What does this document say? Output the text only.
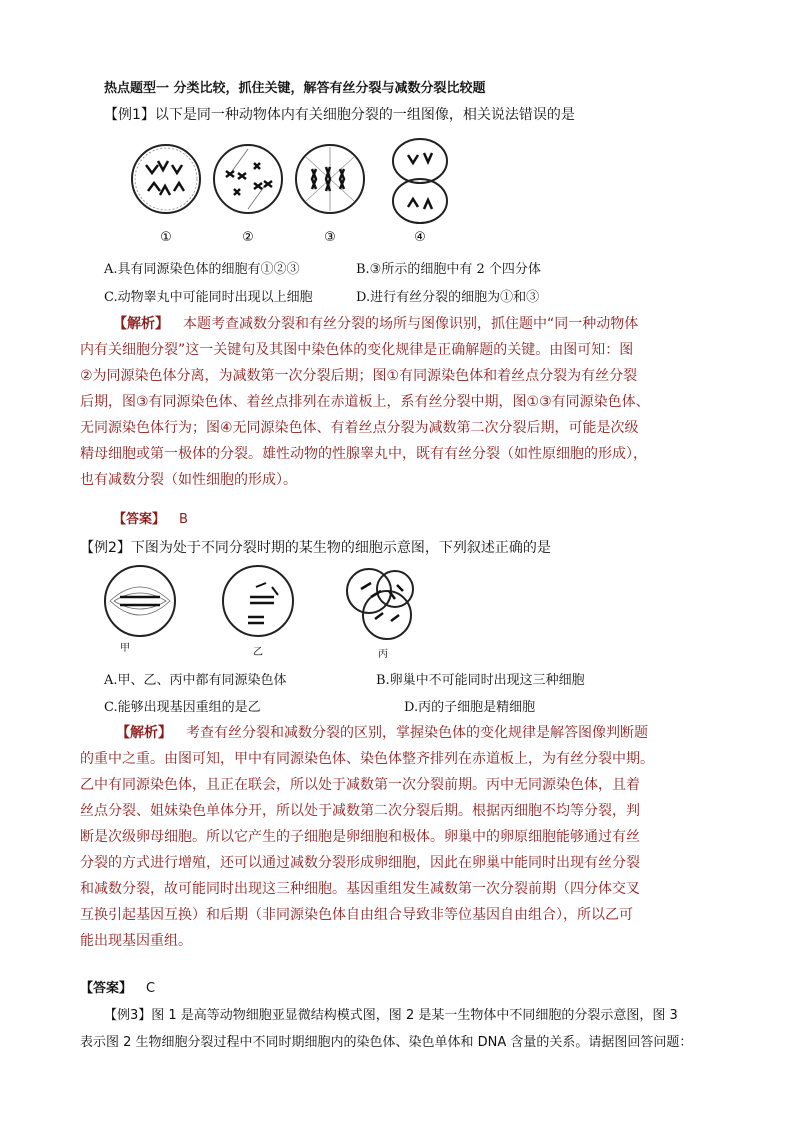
热点题型一 分类比较，抓住关键，解答有丝分裂与减数分裂比较题
【例1】以下是同一种动物体内有关细胞分裂的一组图像，相关说法错误的是
①	②	③	④
A.具有同源染色体的细胞有①②③	B.③所示的细胞中有 2 个四分体
C.动物睾丸中可能同时出现以上细胞	D.进行有丝分裂的细胞为①和③

【解析】 本题考查减数分裂和有丝分裂的场所与图像识别，抓住题中“同一种动物体

内有关细胞分裂”这一关键句及其图中染色体的变化规律是正确解题的关键。由图可知：图

②为同源染色体分离，为减数第一次分裂后期；图①有同源染色体和着丝点分裂为有丝分裂

后期，图③有同源染色体、着丝点排列在赤道板上，系有丝分裂中期，图①③有同源染色体、

无同源染色体行为；图④无同源染色体、有着丝点分裂为减数第二次分裂后期，可能是次级

精母细胞或第一极体的分裂。雄性动物的性腺睾丸中，既有有丝分裂（如性原细胞的形成），

也有减数分裂（如性细胞的形成）。

【答案】 B
【例2】下图为处于不同分裂时期的某生物的细胞示意图，下列叙述正确的是
甲	乙	丙
A.甲、乙、丙中都有同源染色体	B.卵巢中不可能同时出现这三种细胞
C.能够出现基因重组的是乙	D.丙的子细胞是精细胞

【解析】 考查有丝分裂和减数分裂的区别，掌握染色体的变化规律是解答图像判断题

的重中之重。由图可知，甲中有同源染色体、染色体整齐排列在赤道板上，为有丝分裂中期。

乙中有同源染色体，且正在联会，所以处于减数第一次分裂前期。丙中无同源染色体，且着

丝点分裂、姐妹染色单体分开，所以处于减数第二次分裂后期。根据丙细胞不均等分裂，判

断是次级卵母细胞。所以它产生的子细胞是卵细胞和极体。卵巢中的卵原细胞能够通过有丝

分裂的方式进行增殖，还可以通过减数分裂形成卵细胞，因此在卵巢中能同时出现有丝分裂

和减数分裂，故可能同时出现这三种细胞。基因重组发生减数第一次分裂前期（四分体交叉

互换引起基因互换）和后期（非同源染色体自由组合导致非等位基因自由组合），所以乙可

能出现基因重组。

【答案】 C
【例3】图 1 是高等动物细胞亚显微结构模式图，图 2 是某一生物体中不同细胞的分裂示意图，图 3
表示图 2 生物细胞分裂过程中不同时期细胞内的染色体、染色单体和 DNA 含量的关系。请据图回答问题：
